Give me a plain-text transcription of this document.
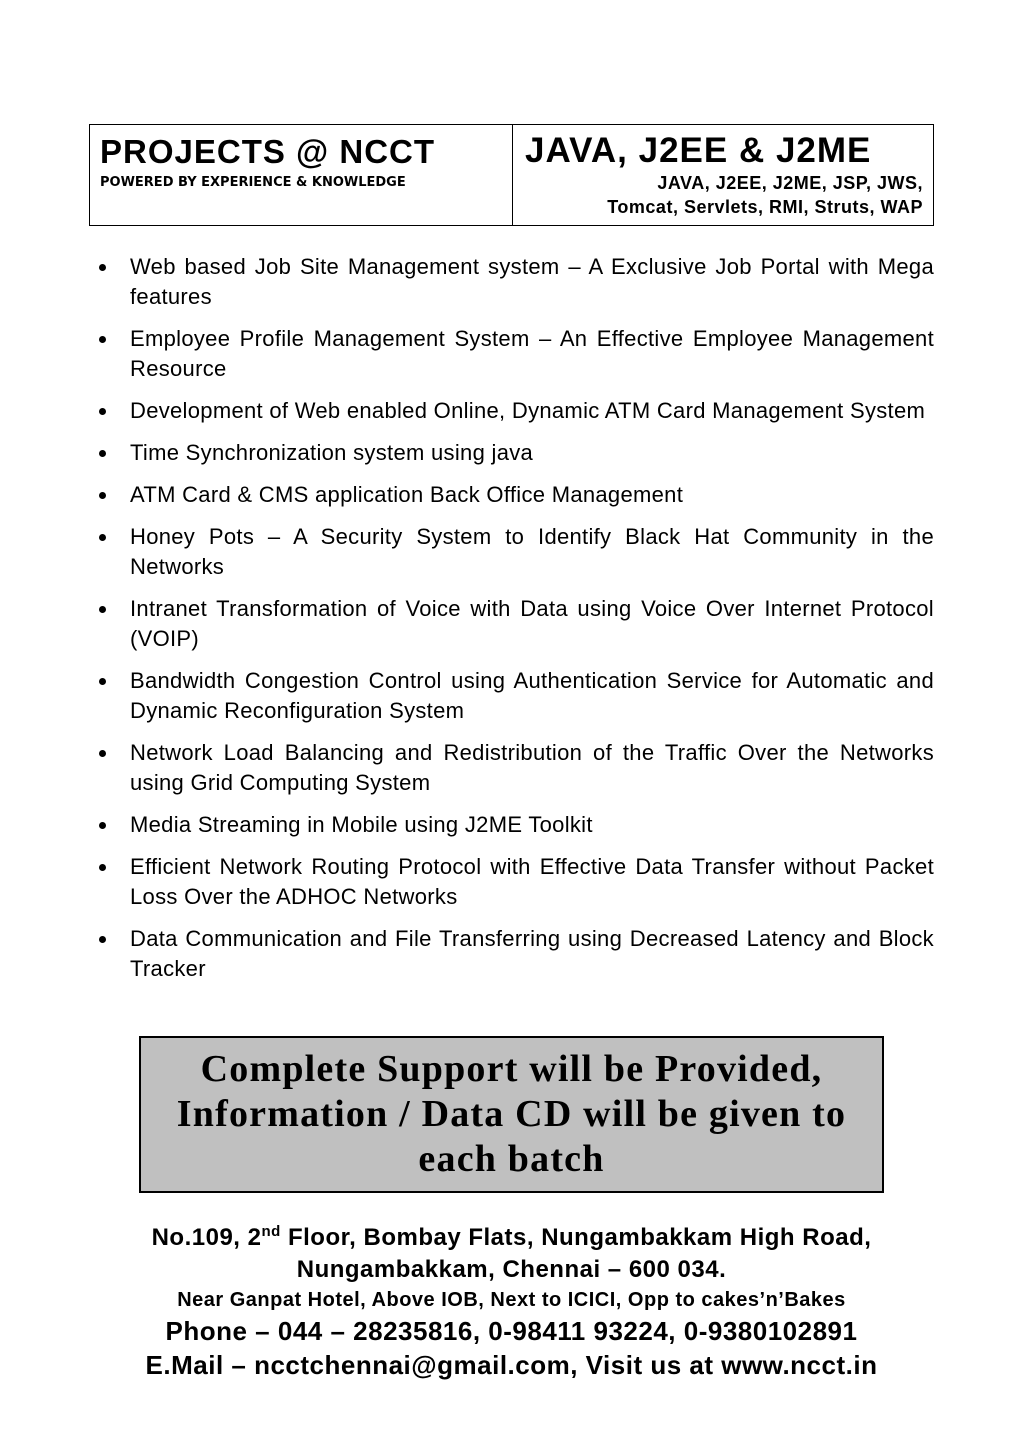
PROJECTS @ NCCT
POWERED BY EXPERIENCE & KNOWLEDGE
JAVA, J2EE & J2ME
JAVA, J2EE, J2ME, JSP, JWS,
Tomcat, Servlets, RMI, Struts, WAP
Web based Job Site Management system – A Exclusive Job Portal with Mega features
Employee Profile Management System – An Effective Employee Management Resource
Development of Web enabled Online, Dynamic ATM Card Management System
Time Synchronization system using java
ATM Card & CMS application Back Office Management
Honey Pots – A Security System to Identify Black Hat Community in the Networks
Intranet Transformation of Voice with Data using Voice Over Internet Protocol (VOIP)
Bandwidth Congestion Control using Authentication Service for Automatic and Dynamic Reconfiguration System
Network Load Balancing and Redistribution of the Traffic Over the Networks using Grid Computing System
Media Streaming in Mobile using J2ME Toolkit
Efficient Network Routing Protocol with Effective Data Transfer without Packet Loss Over the ADHOC Networks
Data Communication and File Transferring using Decreased Latency and Block Tracker
Complete Support will be Provided, Information / Data CD will be given to each batch
No.109, 2nd Floor, Bombay Flats, Nungambakkam High Road,
Nungambakkam, Chennai – 600 034.
Near Ganpat Hotel, Above IOB, Next to ICICI, Opp to cakes’n’Bakes
Phone – 044 – 28235816, 0-98411 93224, 0-9380102891
E.Mail – ncctchennai@gmail.com, Visit us at www.ncct.in
